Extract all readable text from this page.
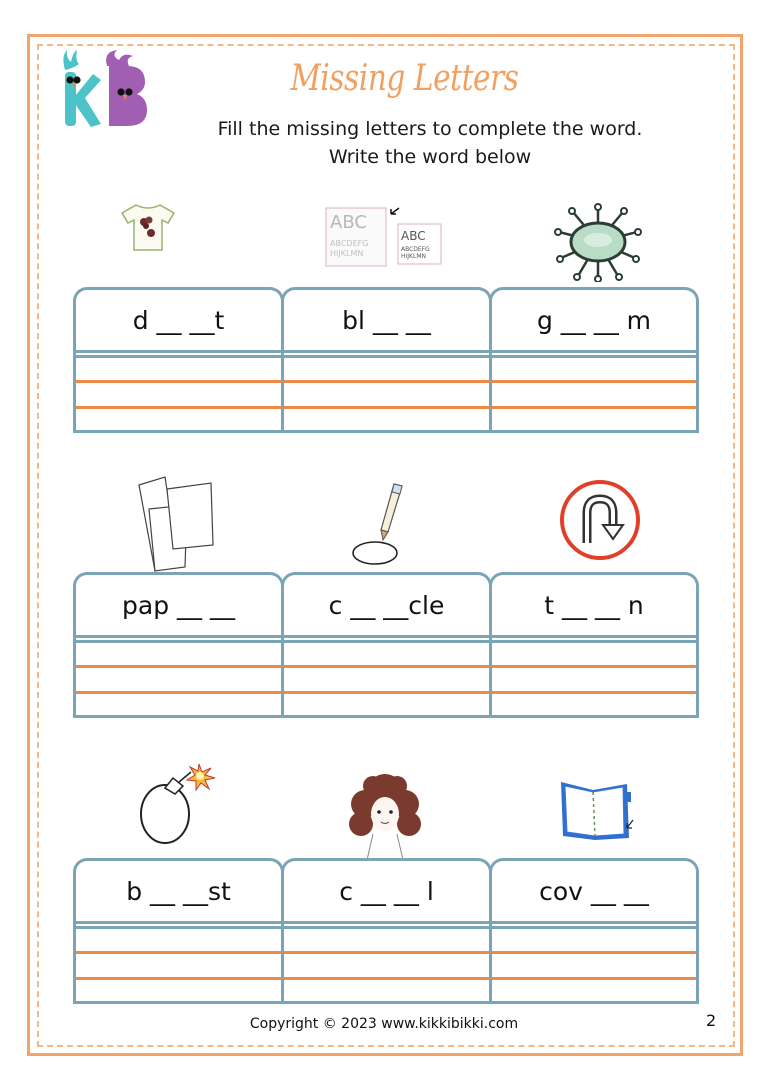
Missing Letters
Fill the missing letters to complete the word.
Write the word below
ABC
ABCDEFG
HIJKLMN
ABC
ABCDEFG
HIJKLMN
d __ __t	bl __ __	g __ __ m
pap __ __	c __ __cle	t __ __ n
b __ __st	c __ __ l	cov __ __
Copyright © 2023 www.kikkibikki.com	2
